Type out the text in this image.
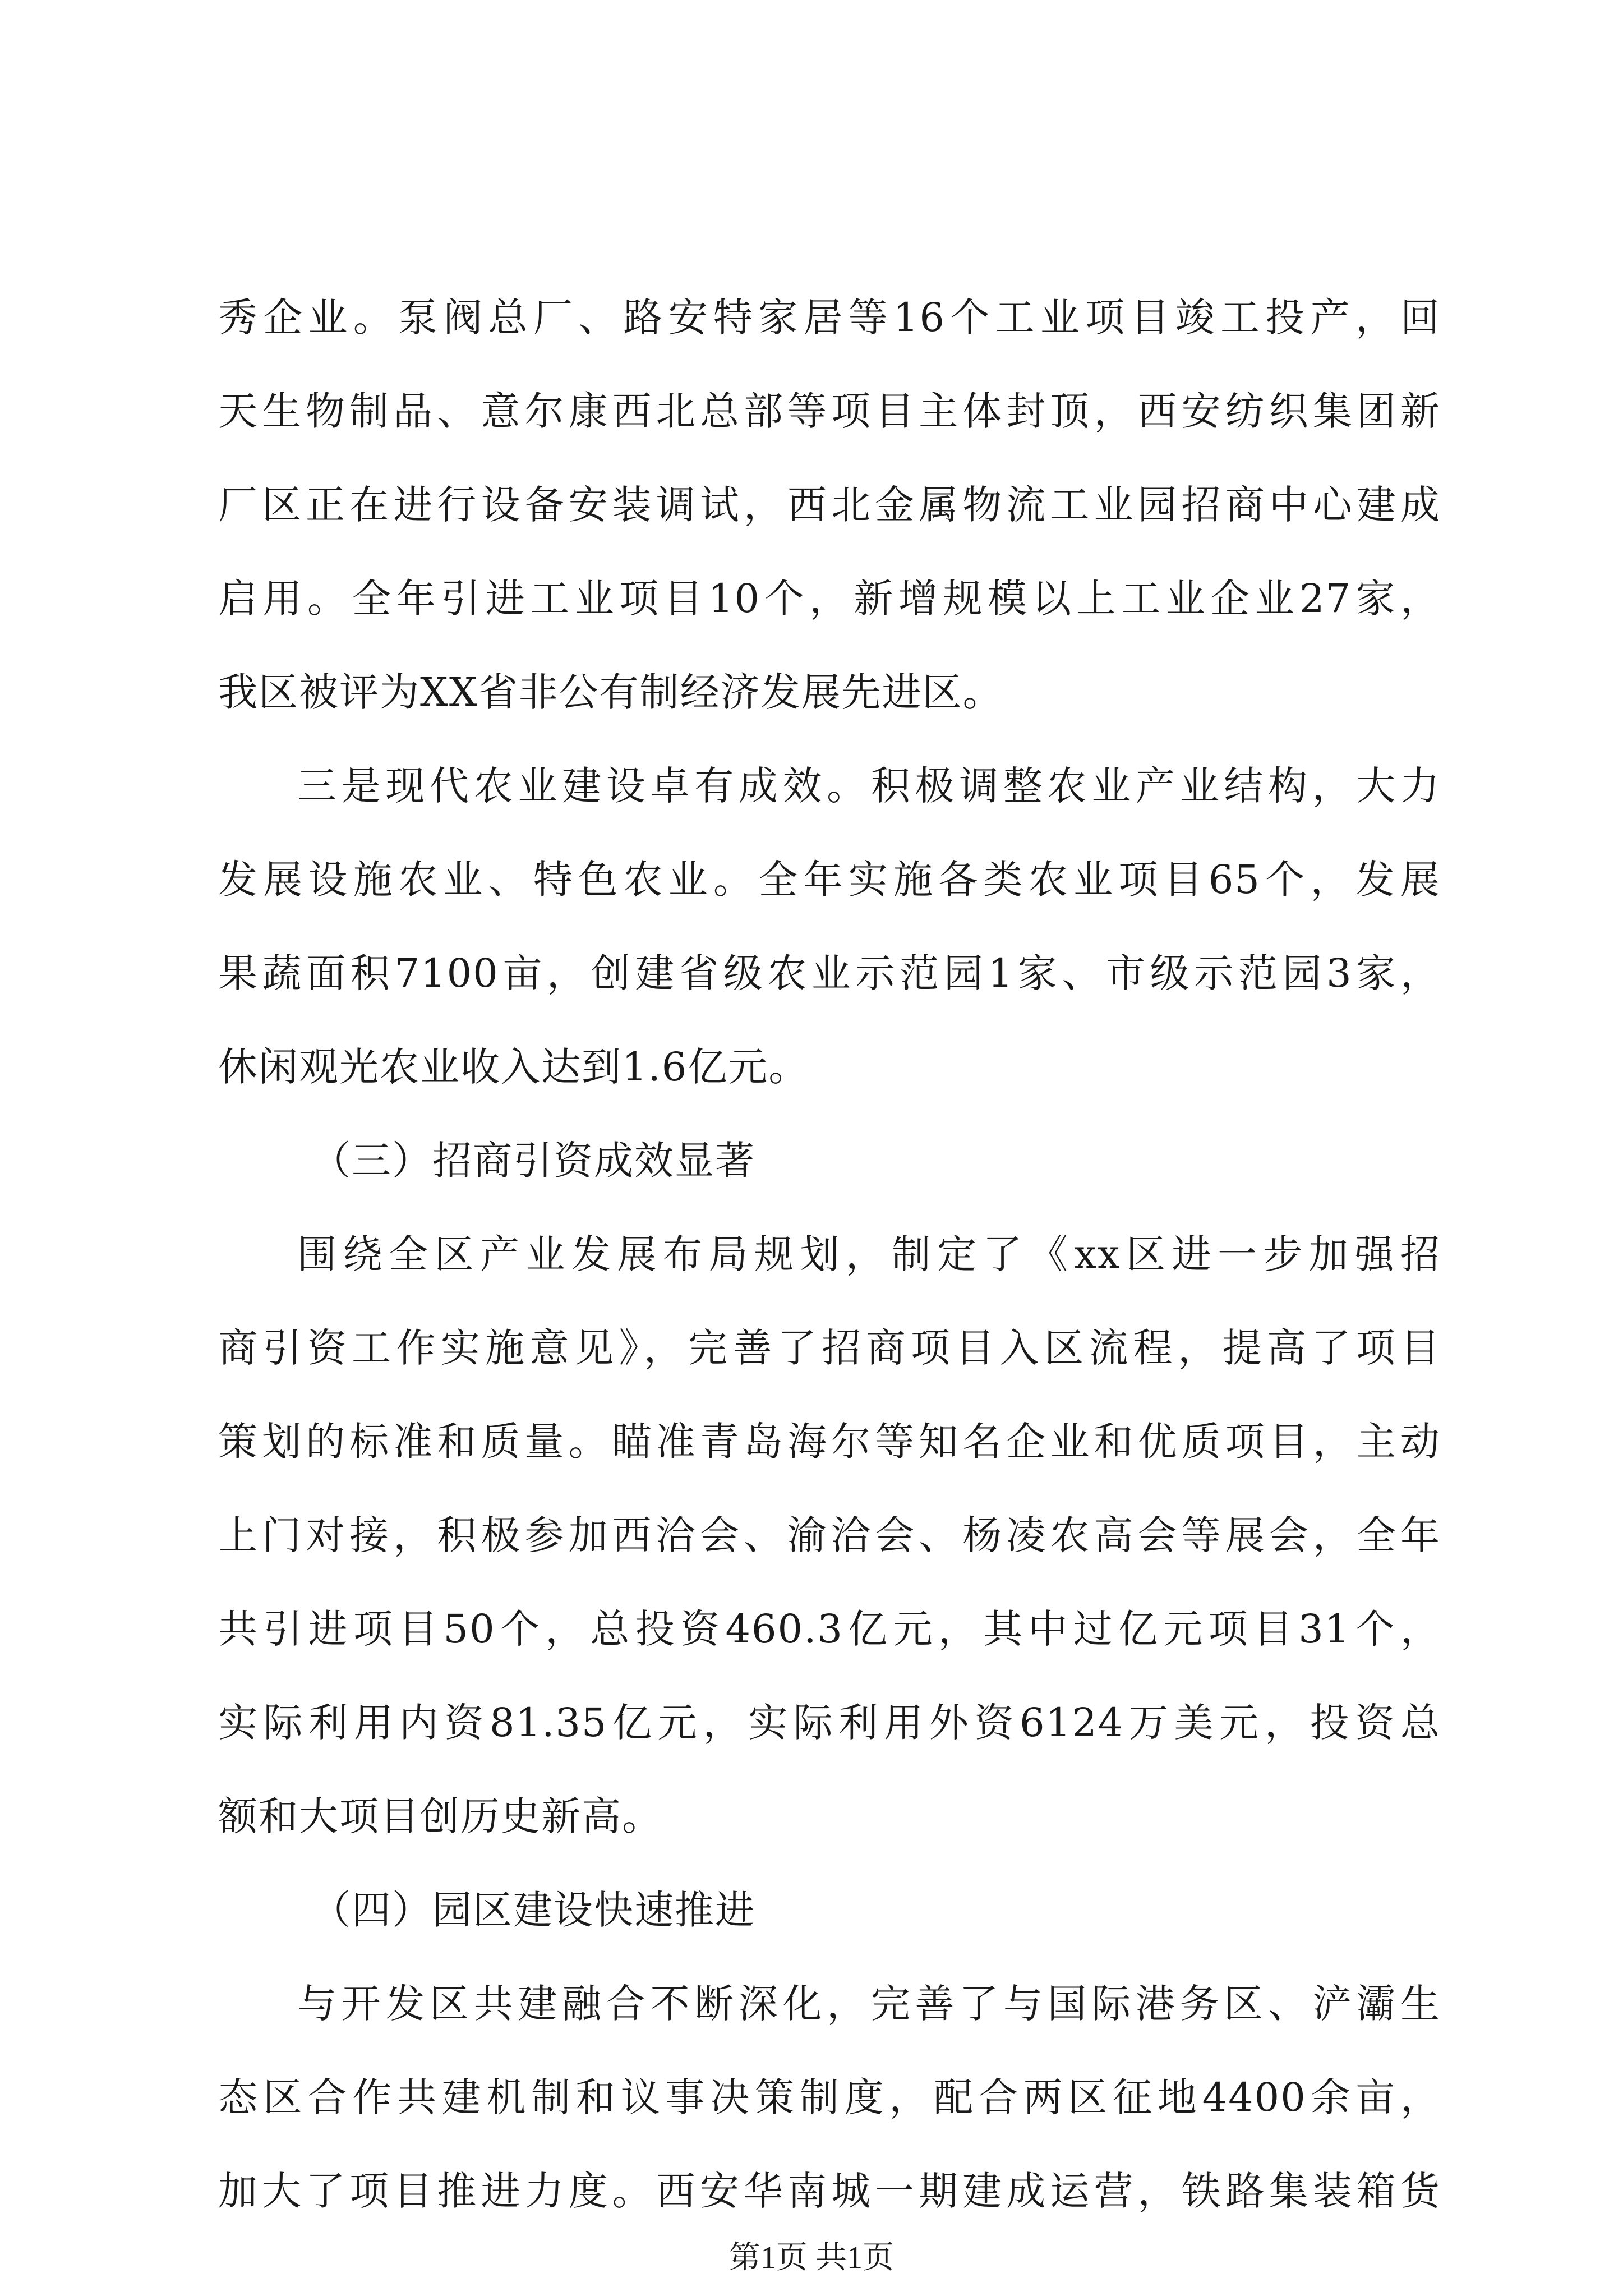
秀企业。泵阀总厂、路安特家居等16个工业项目竣工投产，回
天生物制品、意尔康西北总部等项目主体封顶，西安纺织集团新
厂区正在进行设备安装调试，西北金属物流工业园招商中心建成
启用。全年引进工业项目10个，新增规模以上工业企业27家，
我区被评为XX省非公有制经济发展先进区。
三是现代农业建设卓有成效。积极调整农业产业结构，大力
发展设施农业、特色农业。全年实施各类农业项目65个，发展
果蔬面积7100亩，创建省级农业示范园1家、市级示范园3家，
休闲观光农业收入达到1.6亿元。
（三）招商引资成效显著
围绕全区产业发展布局规划，制定了《xx区进一步加强招
商引资工作实施意见》，完善了招商项目入区流程，提高了项目
策划的标准和质量。瞄准青岛海尔等知名企业和优质项目，主动
上门对接，积极参加西洽会、渝洽会、杨凌农高会等展会，全年
共引进项目50个，总投资460.3亿元，其中过亿元项目31个，
实际利用内资81.35亿元，实际利用外资6124万美元，投资总
额和大项目创历史新高。
（四）园区建设快速推进
与开发区共建融合不断深化，完善了与国际港务区、浐灞生
态区合作共建机制和议事决策制度，配合两区征地4400余亩，
加大了项目推进力度。西安华南城一期建成运营，铁路集装箱货
第1页 共1页
